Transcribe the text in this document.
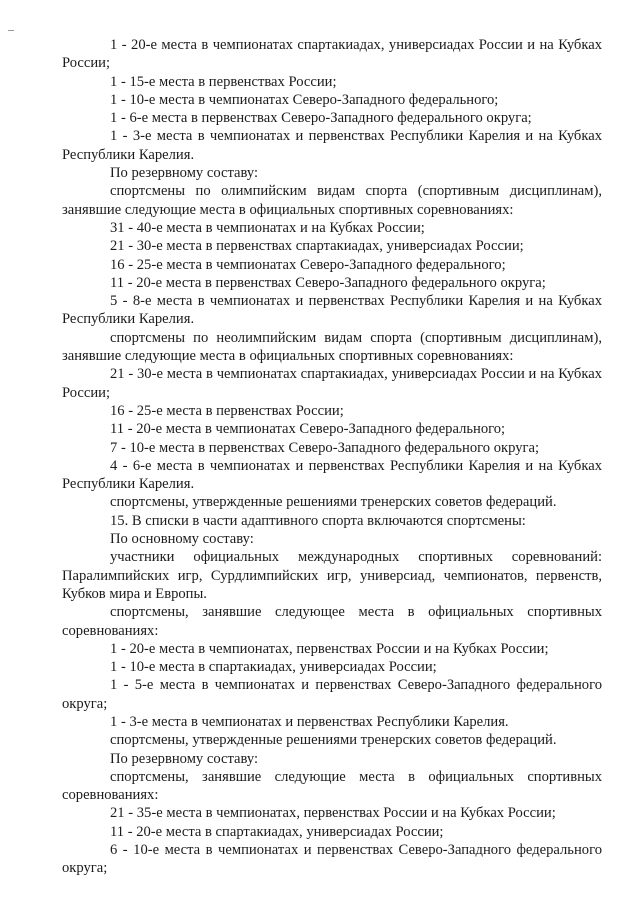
1 - 20-е места в чемпионатах спартакиадах, универсиадах России и на Кубках России;

1 - 15-е места в первенствах России;

1 - 10-е места в чемпионатах Северо-Западного федерального;

1 - 6-е места в первенствах Северо-Западного федерального округа;

1 - 3-е места в чемпионатах и первенствах Республики Карелия и на Кубках Республики Карелия.

По резервному составу:

спортсмены по олимпийским видам спорта (спортивным дисциплинам), занявшие следующие места в официальных спортивных соревнованиях:

31 - 40-е места в чемпионатах и на Кубках России;

21 - 30-е места в первенствах спартакиадах, универсиадах России;

16 - 25-е места в чемпионатах Северо-Западного федерального;

11 - 20-е места в первенствах Северо-Западного федерального округа;

5 - 8-е места в чемпионатах и первенствах Республики Карелия и на Кубках Республики Карелия.

спортсмены по неолимпийским видам спорта (спортивным дисциплинам), занявшие следующие места в официальных спортивных соревнованиях:

21 - 30-е места в чемпионатах спартакиадах, универсиадах России и на Кубках России;

16 - 25-е места в первенствах России;

11 - 20-е места в чемпионатах Северо-Западного федерального;

7 - 10-е места в первенствах Северо-Западного федерального округа;

4 - 6-е места в чемпионатах и первенствах Республики Карелия и на Кубках Республики Карелия.

спортсмены, утвержденные решениями тренерских советов федераций.

15. В списки в части адаптивного спорта включаются спортсмены:

По основному составу:

участники официальных международных спортивных соревнований: Паралимпийских игр, Сурдлимпийских игр, универсиад, чемпионатов, первенств, Кубков мира и Европы.

спортсмены, занявшие следующее места в официальных спортивных соревнованиях:

1 - 20-е места в чемпионатах, первенствах России и на Кубках России;

1 - 10-е места в спартакиадах, универсиадах России;

1 - 5-е места в чемпионатах и первенствах Северо-Западного федерального округа;

1 - 3-е места в чемпионатах и первенствах Республики Карелия.

спортсмены, утвержденные решениями тренерских советов федераций.

По резервному составу:

спортсмены, занявшие следующие места в официальных спортивных соревнованиях:

21 - 35-е места в чемпионатах, первенствах России и на Кубках России;

11 - 20-е места в спартакиадах, универсиадах России;

6 - 10-е места в чемпионатах и первенствах Северо-Западного федерального округа;
